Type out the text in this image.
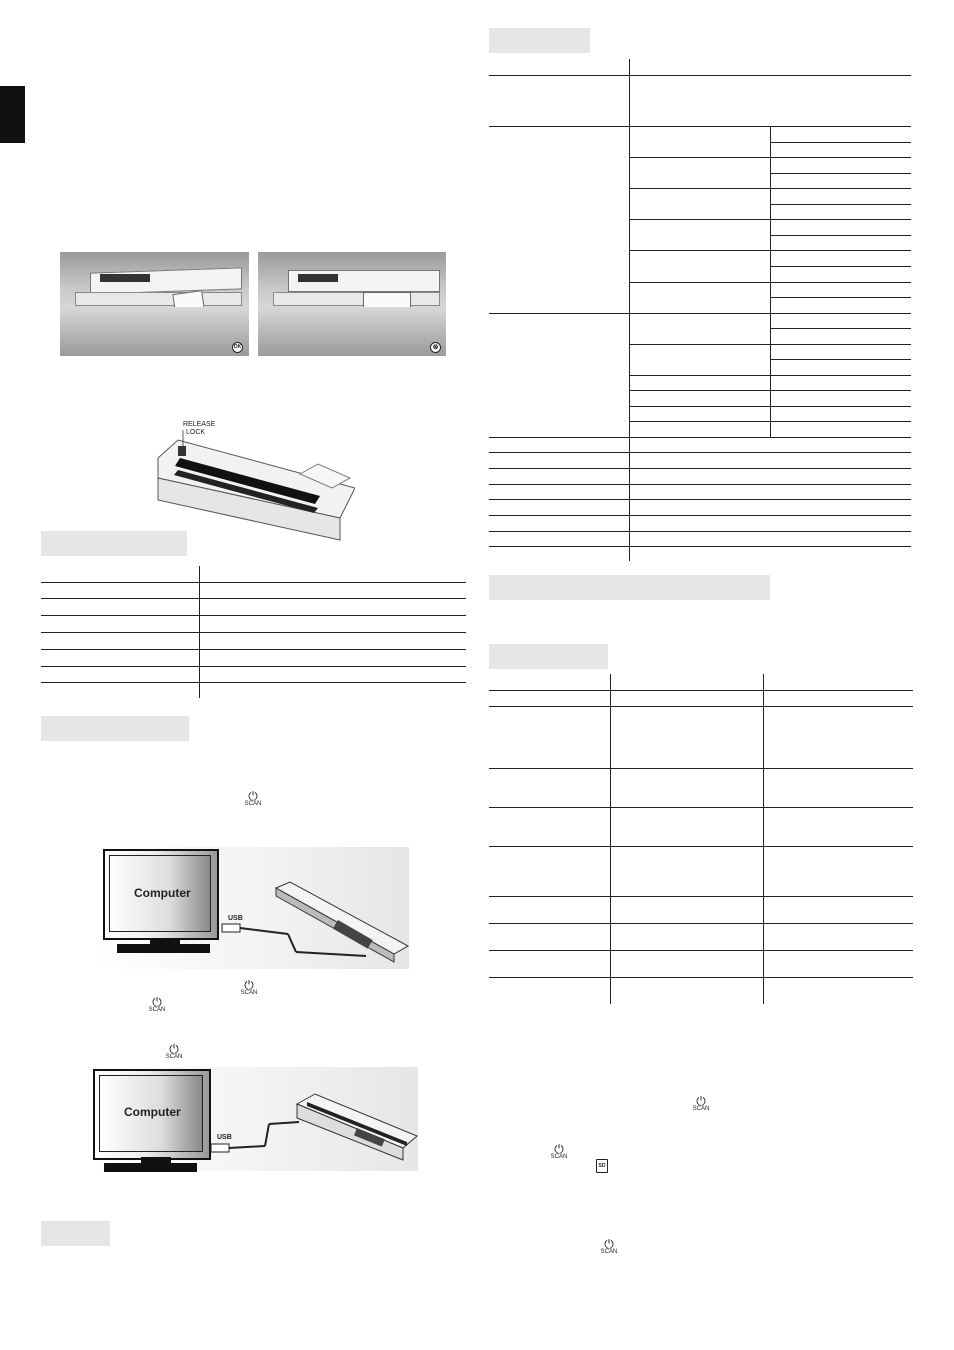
OK	⊗
RELEASE
LOCK
⏻
SCAN
Computer
USB
⏻
SCAN
⏻
SCAN
⏻
SCAN
Computer
USB
⏻
SCAN
⏻
SCAN
SD
⏻
SCAN
